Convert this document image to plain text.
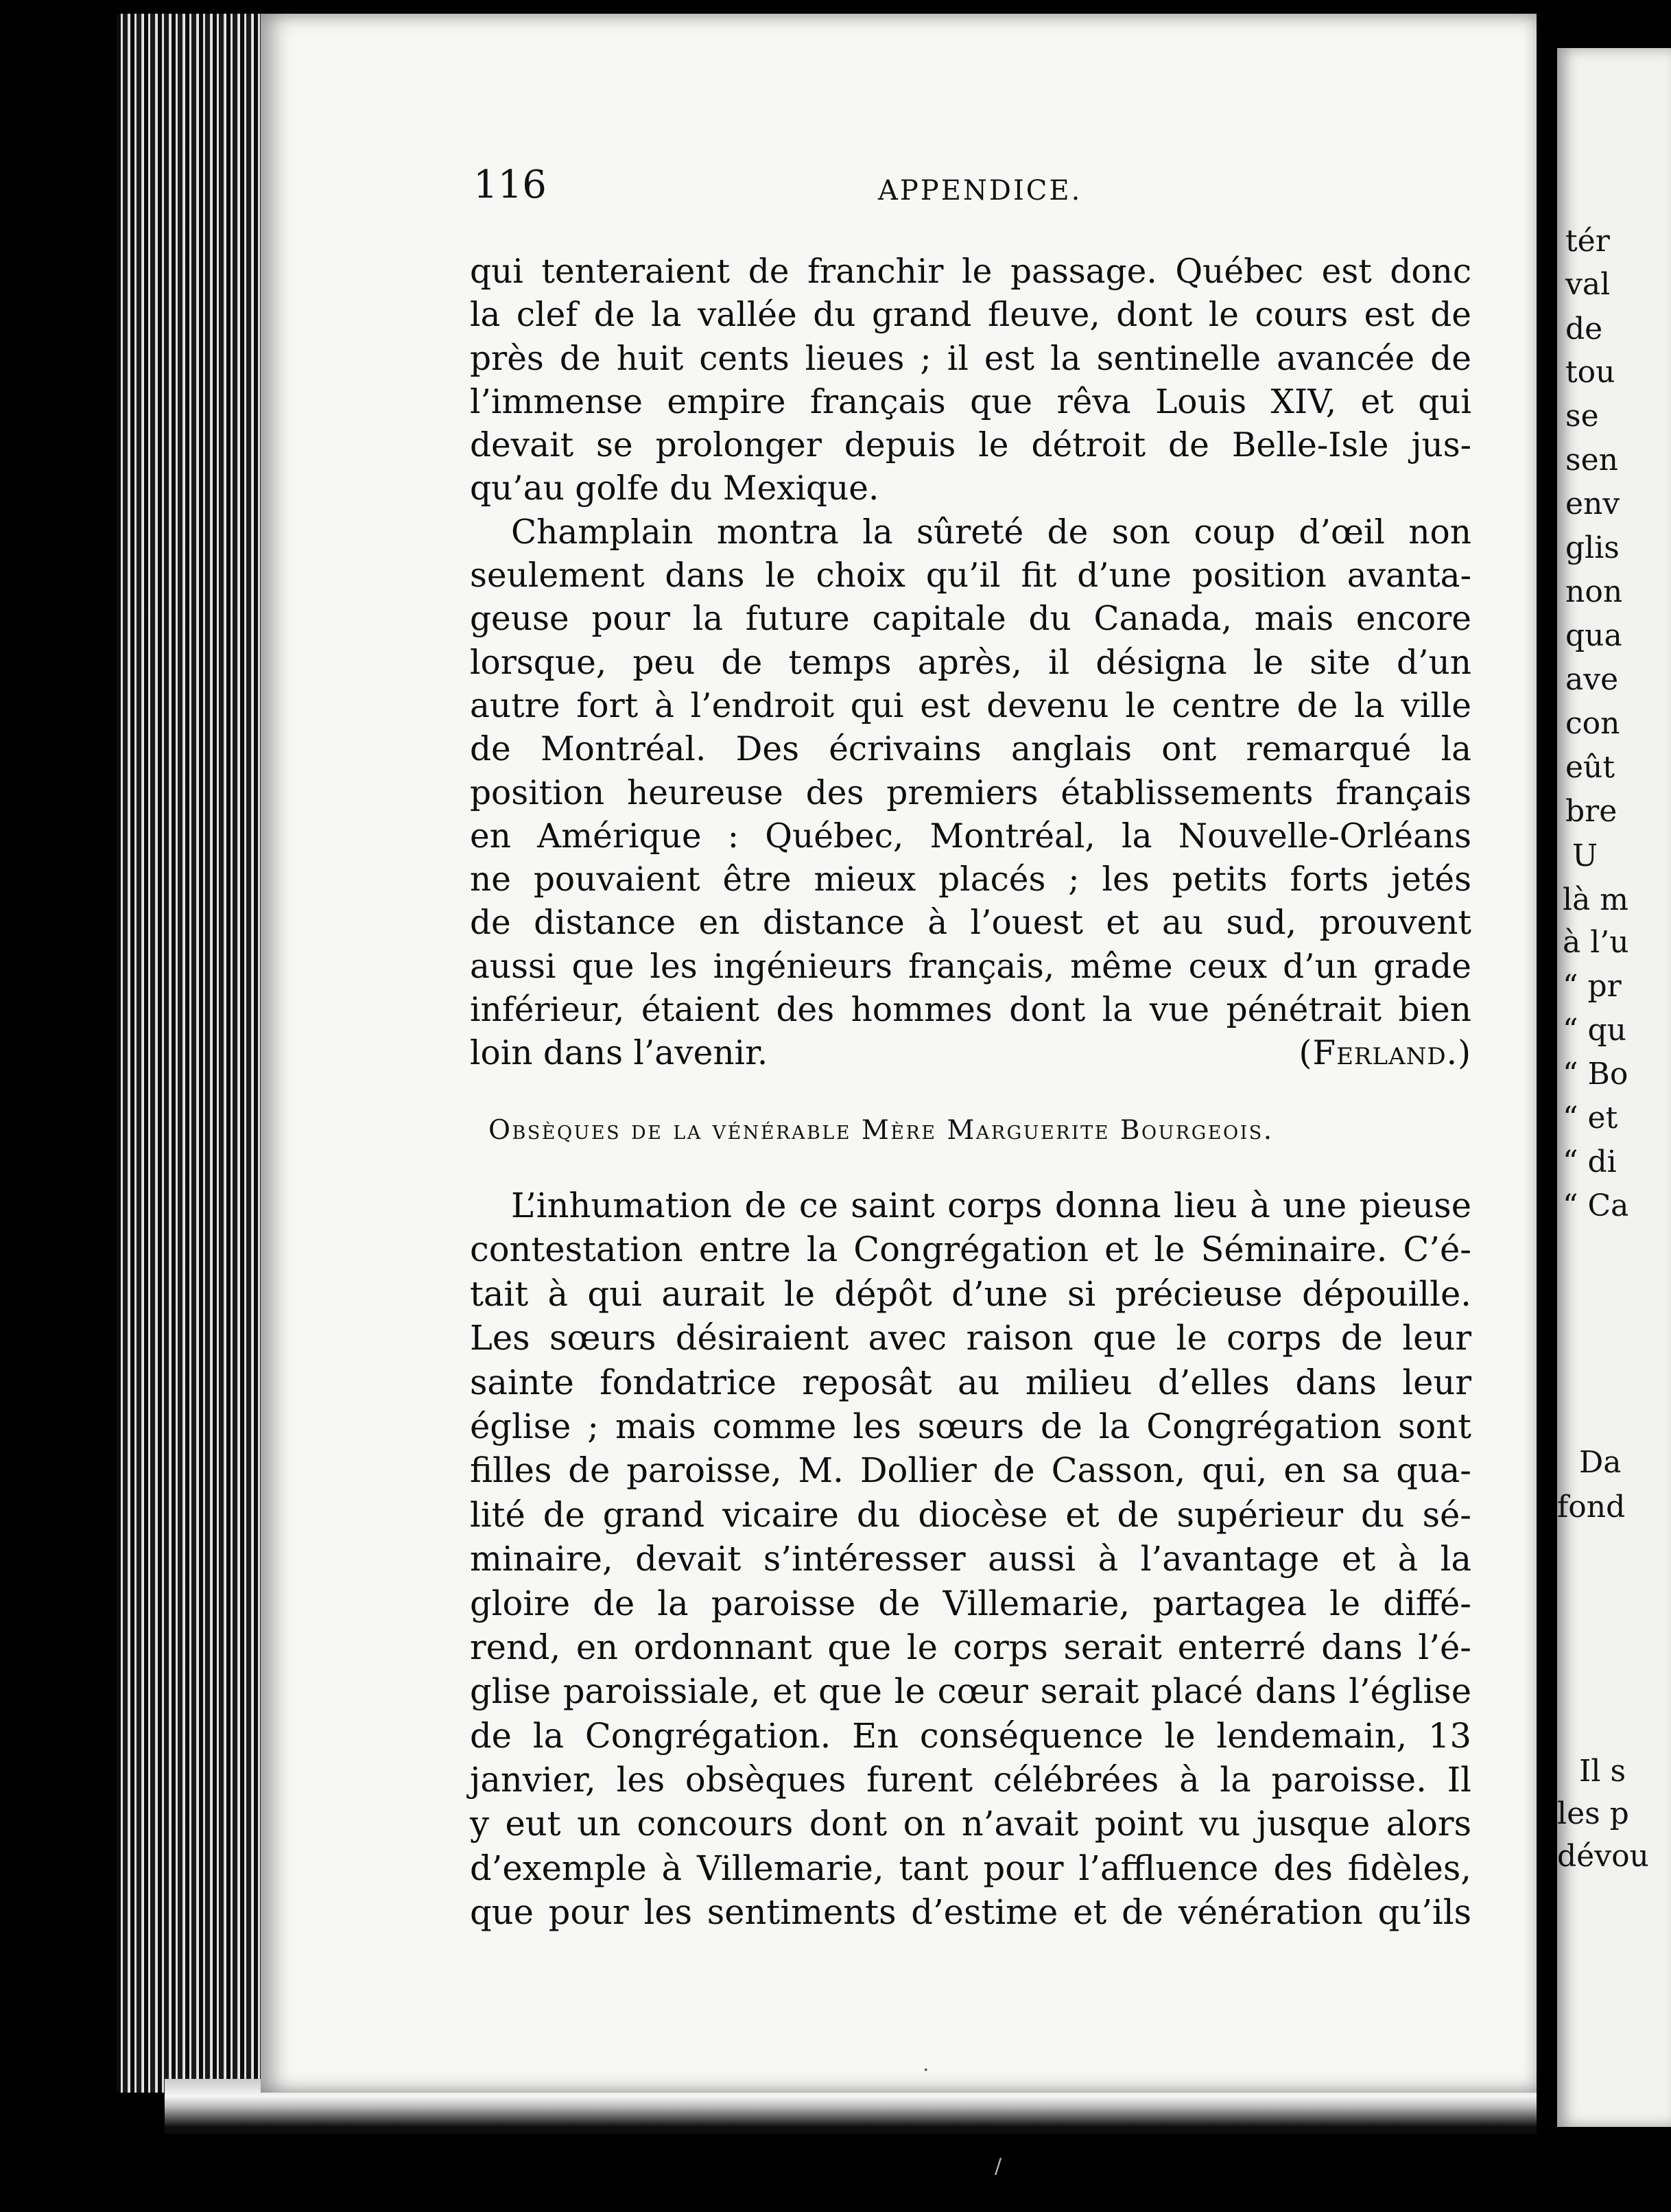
tér
val
de
tou
se
sen
env
glis
non
qua
ave
con
eût
bre
U
là m
à l’u
“ pr
“ qu
“ Bo
“ et
“ di
“ Ca
Da
fond
Il s
les p
dévou
116	APPENDICE.
qui tenteraient de franchir le passage. Québec est donc
la clef de la vallée du grand fleuve, dont le cours est de
près de huit cents lieues ; il est la sentinelle avancée de
l’immense empire français que rêva Louis XIV, et qui
devait se prolonger depuis le détroit de Belle-Isle jus-
qu’au golfe du Mexique.
Champlain montra la sûreté de son coup d’œil non
seulement dans le choix qu’il fit d’une position avanta-
geuse pour la future capitale du Canada, mais encore
lorsque, peu de temps après, il désigna le site d’un
autre fort à l’endroit qui est devenu le centre de la ville
de Montréal. Des écrivains anglais ont remarqué la
position heureuse des premiers établissements français
en Amérique : Québec, Montréal, la Nouvelle-Orléans
ne pouvaient être mieux placés ; les petits forts jetés
de distance en distance à l’ouest et au sud, prouvent
aussi que les ingénieurs français, même ceux d’un grade
inférieur, étaient des hommes dont la vue pénétrait bien
loin dans l’avenir.	(Ferland.)
Obsèques de la vénérable Mère Marguerite Bourgeois.
L’inhumation de ce saint corps donna lieu à une pieuse
contestation entre la Congrégation et le Séminaire. C’é-
tait à qui aurait le dépôt d’une si précieuse dépouille.
Les sœurs désiraient avec raison que le corps de leur
sainte fondatrice reposât au milieu d’elles dans leur
église ; mais comme les sœurs de la Congrégation sont
filles de paroisse, M. Dollier de Casson, qui, en sa qua-
lité de grand vicaire du diocèse et de supérieur du sé-
minaire, devait s’intéresser aussi à l’avantage et à la
gloire de la paroisse de Villemarie, partagea le diffé-
rend, en ordonnant que le corps serait enterré dans l’é-
glise paroissiale, et que le cœur serait placé dans l’église
de la Congrégation. En conséquence le lendemain, 13
janvier, les obsèques furent célébrées à la paroisse. Il
y eut un concours dont on n’avait point vu jusque alors
d’exemple à Villemarie, tant pour l’affluence des fidèles,
que pour les sentiments d’estime et de vénération qu’ils
·
/
